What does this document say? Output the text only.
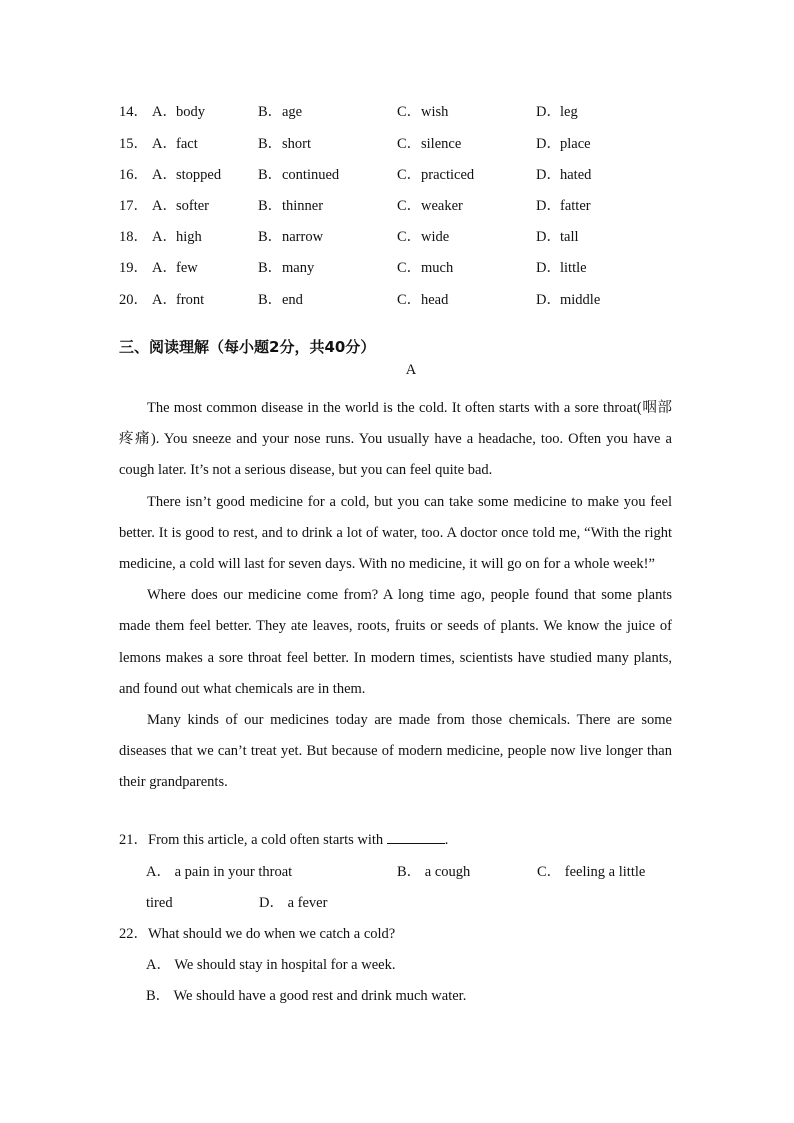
14． A．body	B．age	C．wish	D．leg
15． A．fact	B．short	C．silence	D．place
16． A．stopped	B．continued	C．practiced	D．hated
17． A．softer	B．thinner	C．weaker	D．fatter
18． A．high	B．narrow	C．wide	D．tall
19． A．few	B．many	C．much	D．little
20． A．front	B．end	C．head	D．middle
三、阅读理解（每小题2分，共40分）
A

The most common disease in the world is the cold. It often starts with a sore throat(咽部疼痛). You sneeze and your nose runs. You usually have a headache, too. Often you have a cough later. It’s not a serious disease, but you can feel quite bad.

There isn’t good medicine for a cold, but you can take some medicine to make you feel better. It is good to rest, and to drink a lot of water, too. A doctor once told me, “With the right medicine, a cold will last for seven days. With no medicine, it will go on for a whole week!”

Where does our medicine come from? A long time ago, people found that some plants made them feel better. They ate leaves, roots, fruits or seeds of plants. We know the juice of lemons makes a sore throat feel better. In modern times, scientists have studied many plants, and found out what chemicals are in them.

Many kinds of our medicines today are made from those chemicals. There are some diseases that we can’t treat yet. But because of modern medicine, people now live longer than their grandparents.

21．From this article, a cold often starts with	.
A． a pain in your throat	B． a cough	C． feeling a little
tired	D． a fever
22．What should we do when we catch a cold?
A． We should stay in hospital for a week.
B． We should have a good rest and drink much water.
